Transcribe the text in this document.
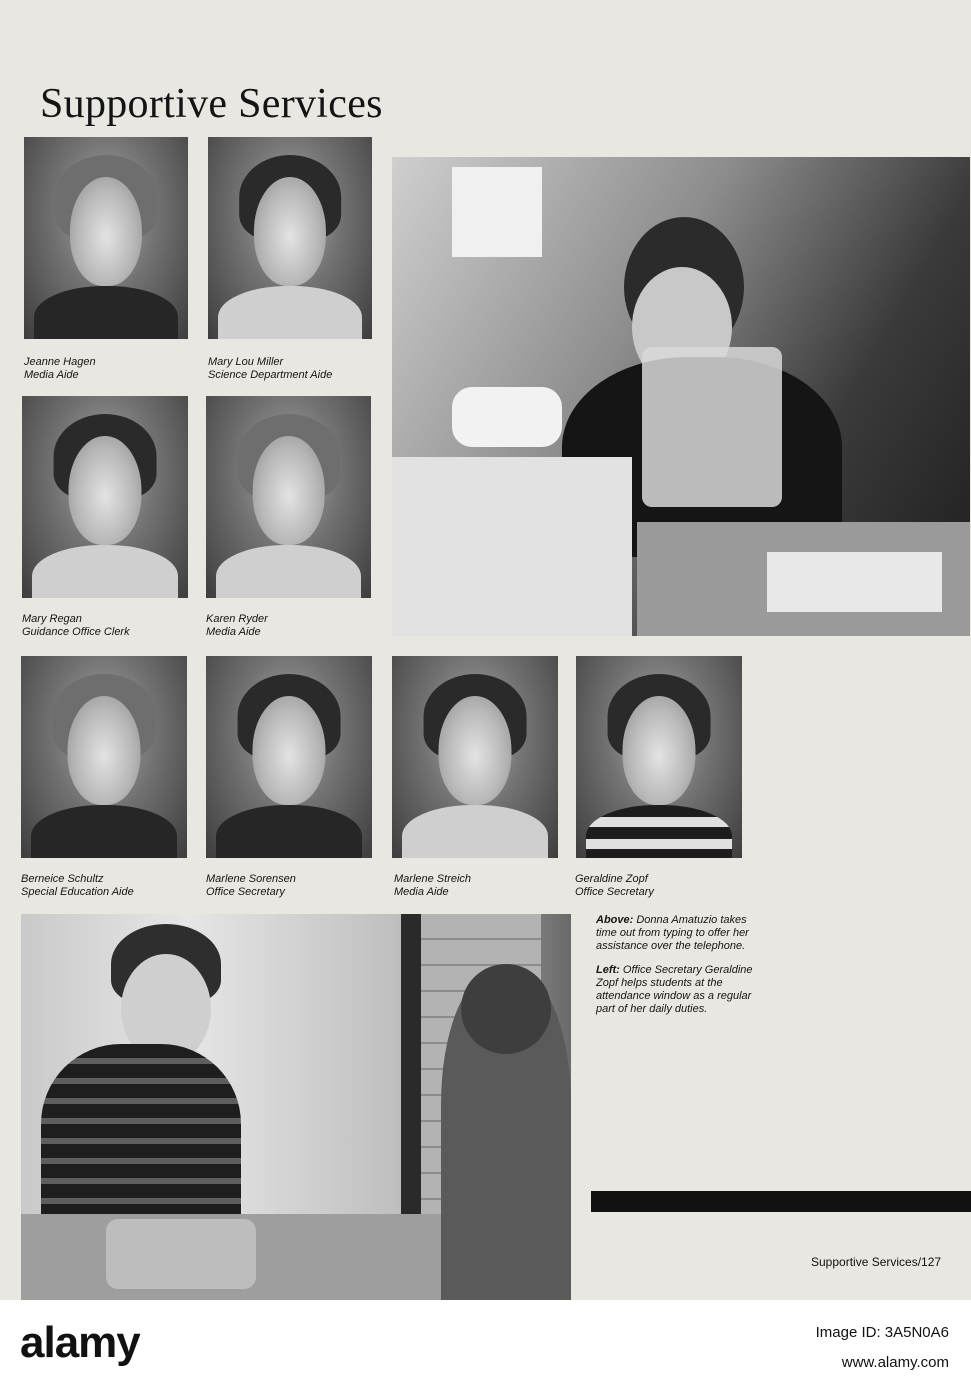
Supportive Services
Jeanne Hagen
Media Aide
Mary Lou Miller
Science Department Aide
Mary Regan
Guidance Office Clerk
Karen Ryder
Media Aide
Berneice Schultz
Special Education Aide
Marlene Sorensen
Office Secretary
Marlene Streich
Media Aide
Geraldine Zopf
Office Secretary

Above: Donna Amatuzio takes time out from typing to offer her assistance over the telephone.

Left: Office Secretary Geraldine Zopf helps students at the attendance window as a regular part of her daily duties.

Supportive Services/127
alamy	Image ID: 3A5N0A6
www.alamy.com
